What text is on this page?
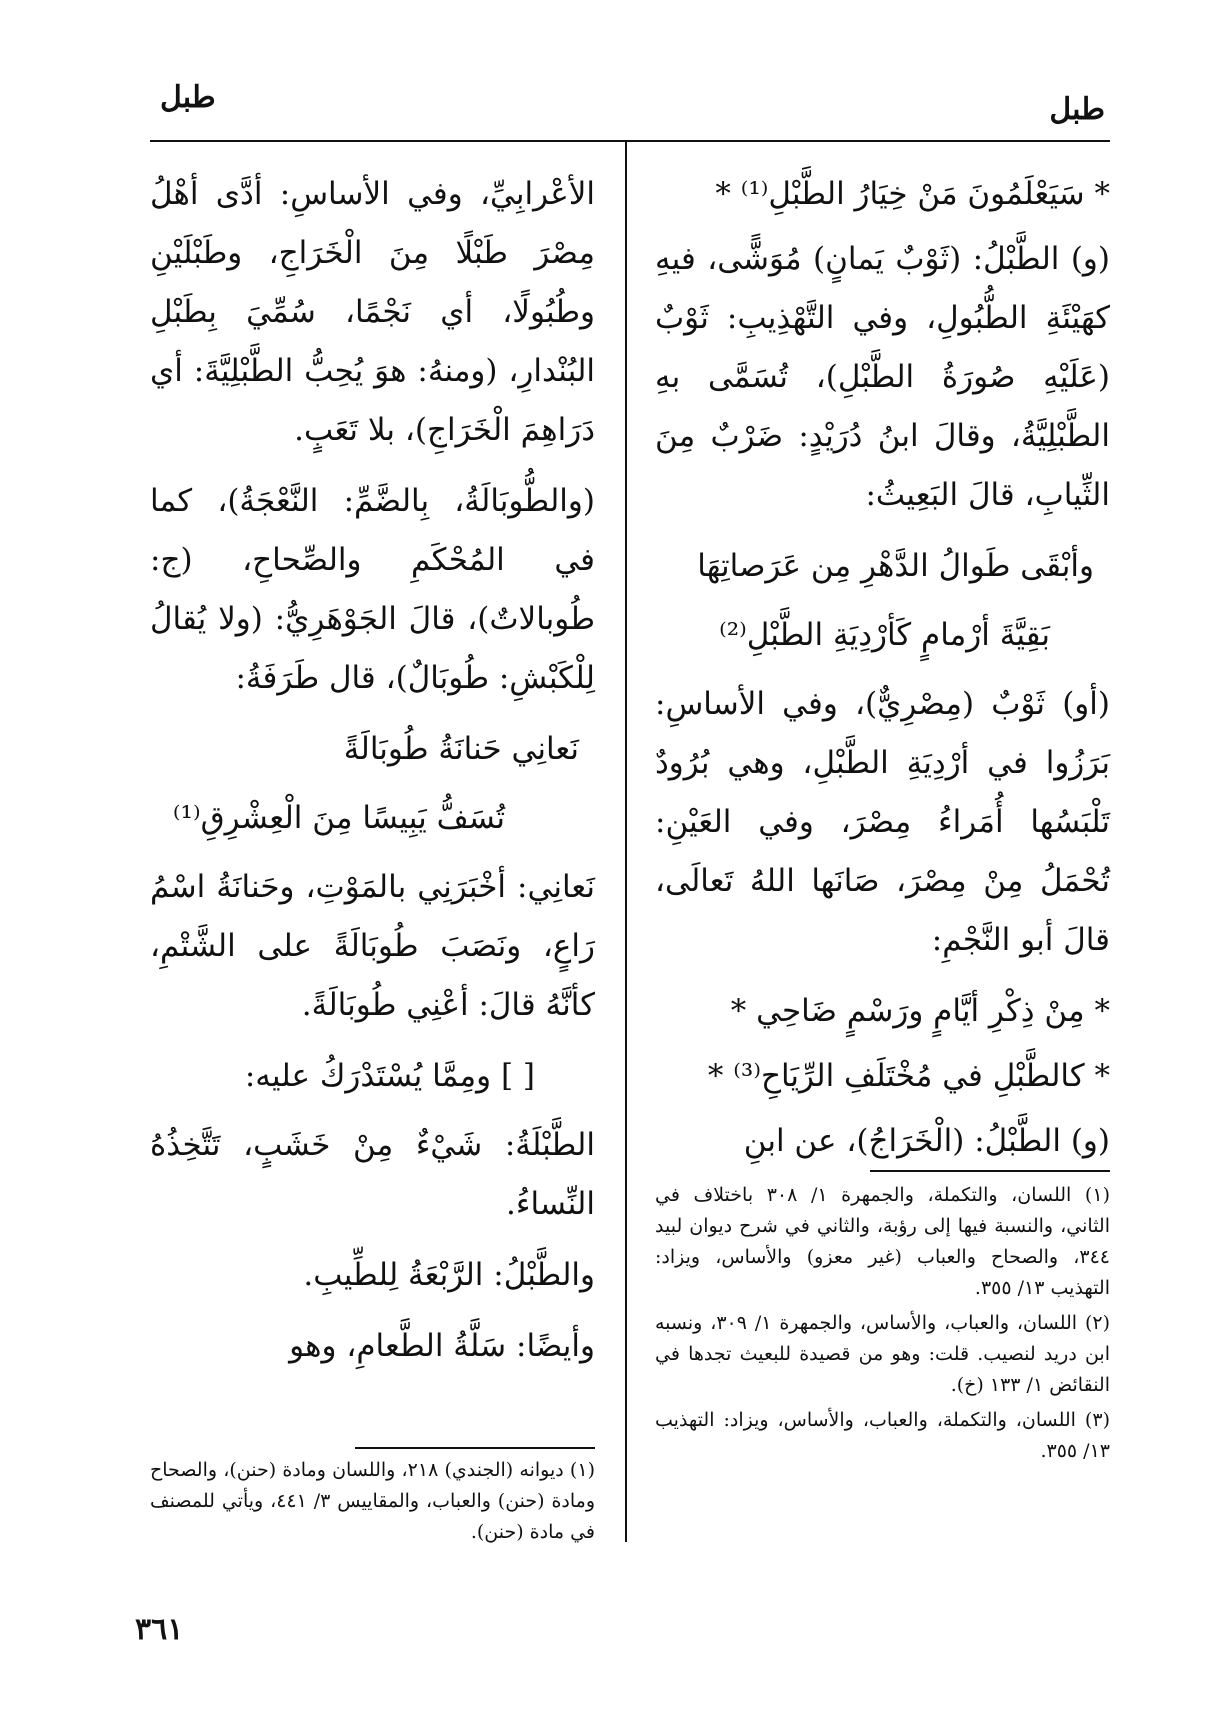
طبل
طبل

* سَيَعْلَمُونَ مَنْ خِيَارُ الطَّبْلِ⁽¹⁾ *

(و) الطَّبْلُ: (ثَوْبٌ يَمانٍ) مُوَشًّى، فيهِ كهَيْئَةِ الطُّبُولِ، وفي التَّهْذِيبِ: ثَوْبٌ (عَلَيْهِ صُورَةُ الطَّبْلِ)، تُسَمَّى بهِ الطَّبْلِيَّةُ، وقالَ ابنُ دُرَيْدٍ: ضَرْبٌ مِنَ الثِّيابِ، قالَ البَعِيثُ:

وأبْقَى طَوالُ الدَّهْرِ مِن عَرَصاتِهَا

بَقِيَّةَ أرْمامٍ كَأرْدِيَةِ الطَّبْلِ⁽²⁾

(أو) ثَوْبٌ (مِصْرِيٌّ)، وفي الأساسِ: بَرَزُوا في أرْدِيَةِ الطَّبْلِ، وهي بُرُودٌ تَلْبَسُها أُمَراءُ مِصْرَ، وفي العَيْنِ: تُحْمَلُ مِنْ مِصْرَ، صَانَها اللهُ تَعالَى، قالَ أبو النَّجْمِ:

* مِنْ ذِكْرِ أيَّامٍ ورَسْمٍ ضَاحِي *

* كالطَّبْلِ في مُخْتَلَفِ الرِّيَاحِ⁽³⁾ *

(و) الطَّبْلُ: (الْخَرَاجُ)، عن ابنِ

(١) اللسان، والتكملة، والجمهرة ١/ ٣٠٨ باختلاف في الثاني، والنسبة فيها إلى رؤبة، والثاني في شرح ديوان لبيد ٣٤٤، والصحاح والعباب (غير معزو) والأساس، ويزاد: التهذيب ١٣/ ٣٥٥.

(٢) اللسان، والعباب، والأساس، والجمهرة ١/ ٣٠٩، ونسبه ابن دريد لنصيب. قلت: وهو من قصيدة للبعيث تجدها في النقائض ١/ ١٣٣ (خ).

(٣) اللسان، والتكملة، والعباب، والأساس، ويزاد: التهذيب ١٣/ ٣٥٥.

الأعْرابِيِّ، وفي الأساسِ: أدَّى أهْلُ مِصْرَ طَبْلًا مِنَ الْخَرَاجِ، وطَبْلَيْنِ وطُبُولًا، أي نَجْمًا، سُمِّيَ بِطَبْلِ البُنْدارِ، (ومنهُ: هوَ يُحِبُّ الطَّبْلِيَّةَ: أي دَرَاهِمَ الْخَرَاجِ)، بلا تَعَبٍ.

(والطُّوبَالَةُ، بِالضَّمِّ: النَّعْجَةُ)، كما في المُحْكَمِ والصِّحاحِ، (ج: طُوبالاتٌ)، قالَ الجَوْهَرِيُّ: (ولا يُقالُ لِلْكَبْشِ: طُوبَالٌ)، قال طَرَفَةُ:

نَعانِي حَنانَةُ طُوبَالَةً

تُسَفُّ يَبِيسًا مِنَ الْعِشْرِقِ⁽¹⁾

نَعانِي: أخْبَرَنِي بالمَوْتِ، وحَنانَةُ اسْمُ رَاعٍ، ونَصَبَ طُوبَالَةً على الشَّتْمِ، كأنَّهُ قالَ: أعْنِي طُوبَالَةً.

[ ] ومِمَّا يُسْتَدْرَكُ عليه:

الطَّبْلَةُ: شَيْءٌ مِنْ خَشَبٍ، تَتَّخِذُهُ النِّساءُ.

والطَّبْلُ: الرَّبْعَةُ لِلطِّيبِ.

وأيضًا: سَلَّةُ الطَّعامِ، وهو

(١) ديوانه (الجندي) ٢١٨، واللسان ومادة (حنن)، والصحاح ومادة (حنن) والعباب، والمقاييس ٣/ ٤٤١، ويأتي للمصنف في مادة (حنن).

٣٦١
